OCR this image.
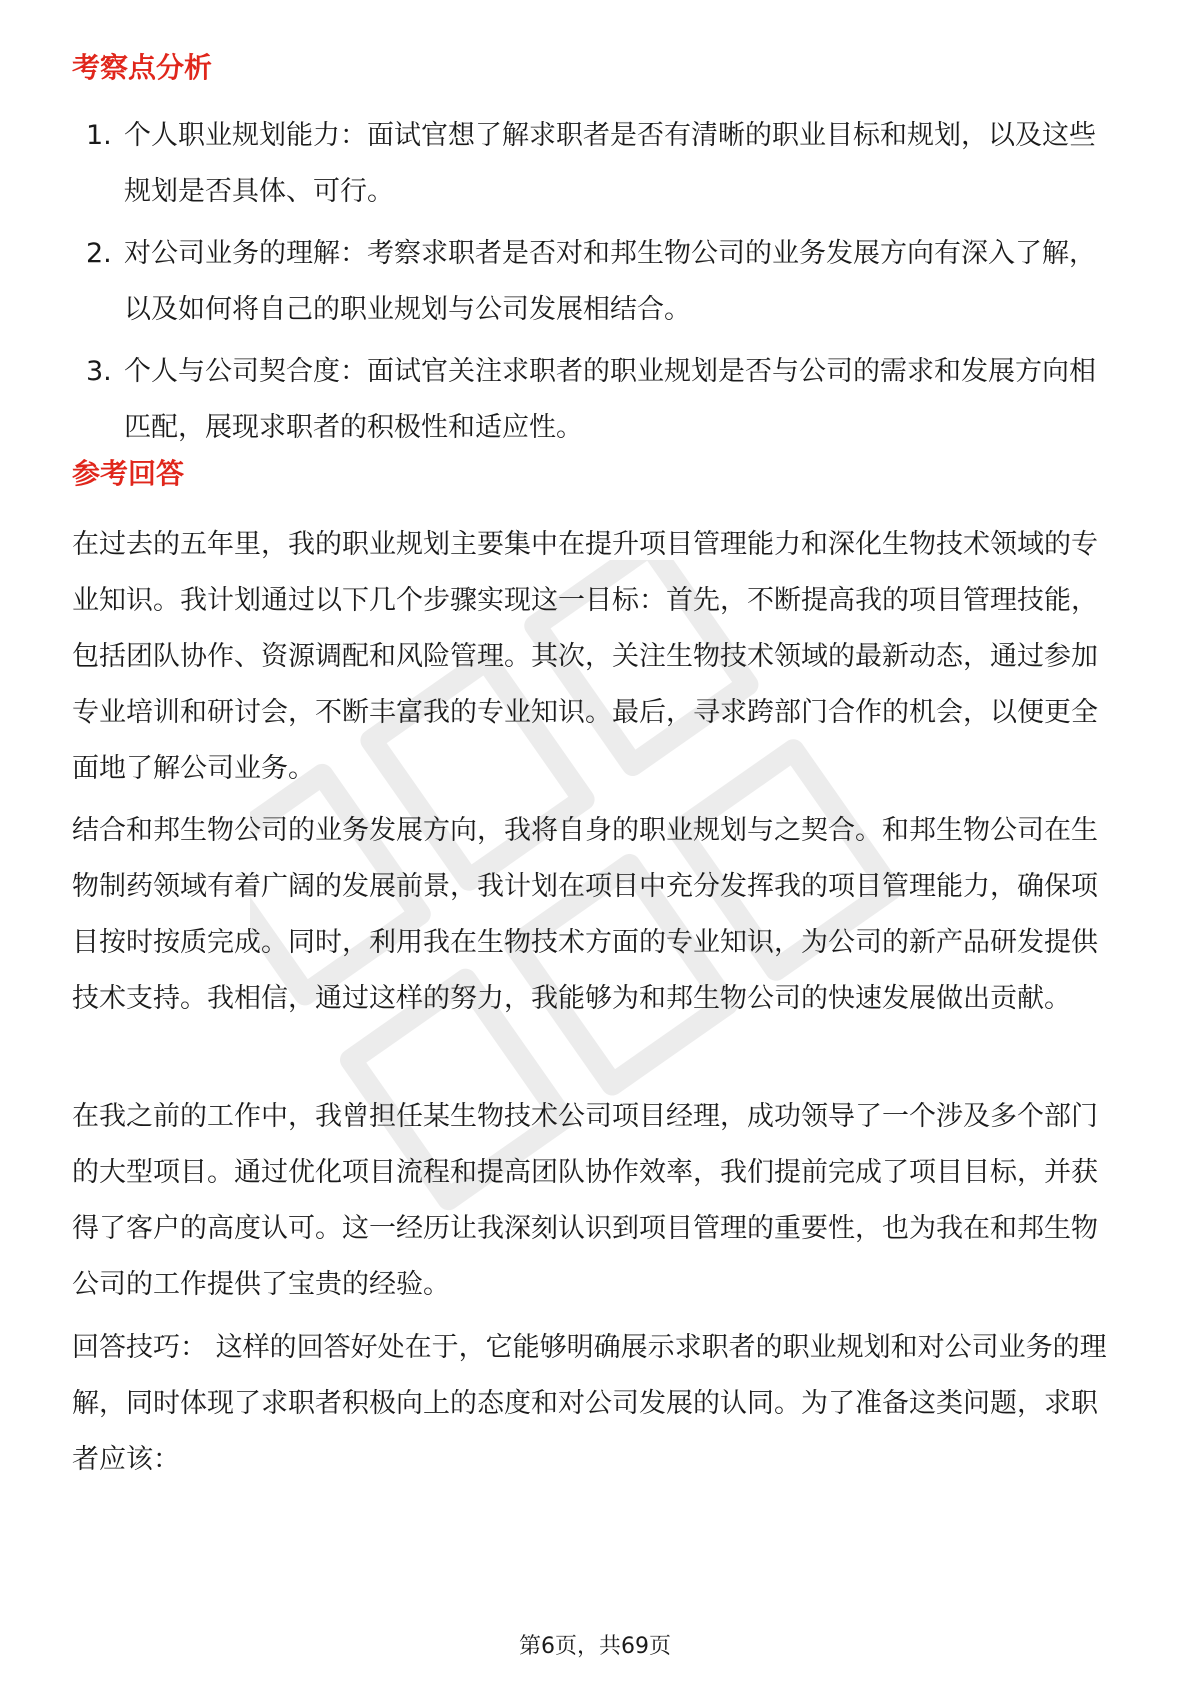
考察点分析
1. 个人职业规划能力：面试官想了解求职者是否有清晰的职业目标和规划，以及这些规划是否具体、可行。
2. 对公司业务的理解：考察求职者是否对和邦生物公司的业务发展方向有深入了解，以及如何将自己的职业规划与公司发展相结合。
3. 个人与公司契合度：面试官关注求职者的职业规划是否与公司的需求和发展方向相匹配，展现求职者的积极性和适应性。
参考回答

在过去的五年里，我的职业规划主要集中在提升项目管理能力和深化生物技术领域的专业知识。我计划通过以下几个步骤实现这一目标：首先，不断提高我的项目管理技能，包括团队协作、资源调配和风险管理。其次，关注生物技术领域的最新动态，通过参加专业培训和研讨会，不断丰富我的专业知识。最后，寻求跨部门合作的机会，以便更全面地了解公司业务。

结合和邦生物公司的业务发展方向，我将自身的职业规划与之契合。和邦生物公司在生物制药领域有着广阔的发展前景，我计划在项目中充分发挥我的项目管理能力，确保项目按时按质完成。同时，利用我在生物技术方面的专业知识，为公司的新产品研发提供技术支持。我相信，通过这样的努力，我能够为和邦生物公司的快速发展做出贡献。

在我之前的工作中，我曾担任某生物技术公司项目经理，成功领导了一个涉及多个部门的大型项目。通过优化项目流程和提高团队协作效率，我们提前完成了项目目标，并获得了客户的高度认可。这一经历让我深刻认识到项目管理的重要性，也为我在和邦生物公司的工作提供了宝贵的经验。

回答技巧： 这样的回答好处在于，它能够明确展示求职者的职业规划和对公司业务的理解，同时体现了求职者积极向上的态度和对公司发展的认同。为了准备这类问题，求职者应该：

第6页，共69页
